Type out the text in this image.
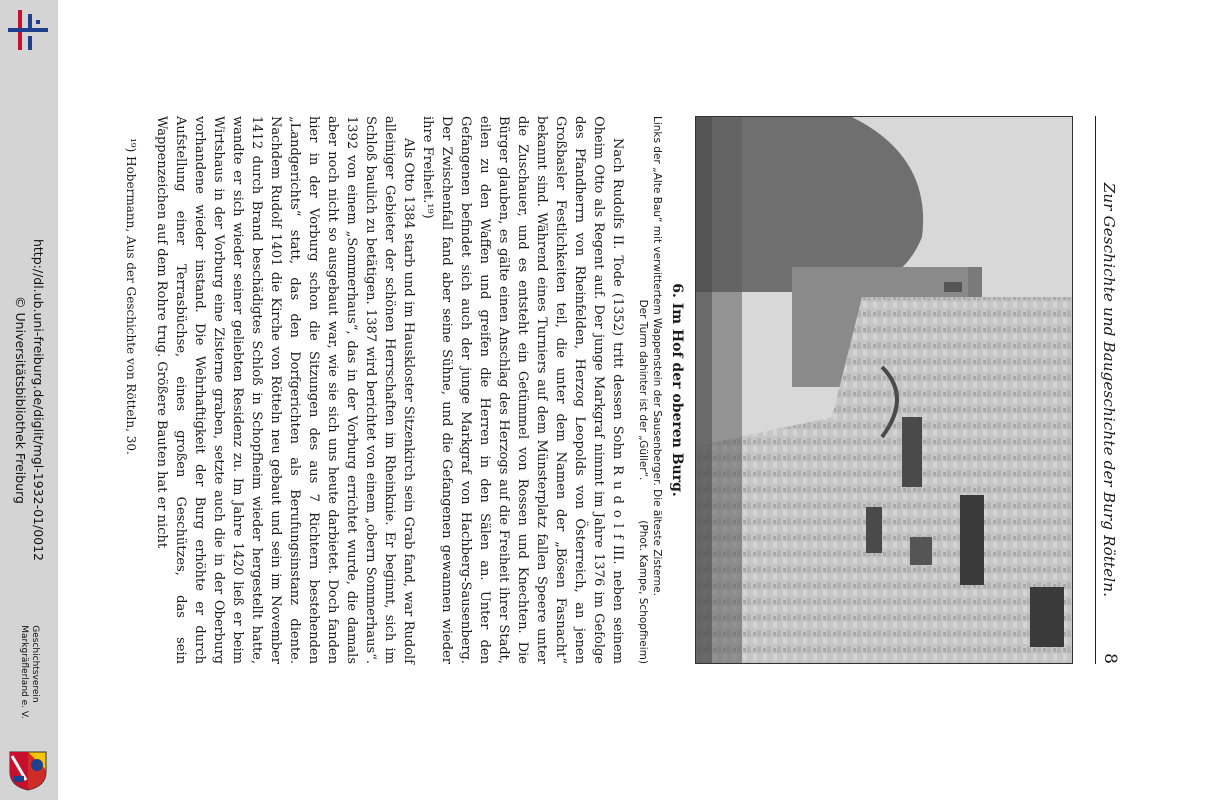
http://dl.ub.uni-freiburg.de/diglit/mgl-1932-01/0012
© Universitätsbibliothek Freiburg
Geschichtsverein
Markgräflerland e. V.
Zur Geschichte und Baugeschichte der Burg Rötteln.
8
6. Im Hof der oberen Burg.
Links der „Alte Bau“ mit verwittertem Wappenstein der Sausenberger. Die älteste Zisterne.
Der Turm dahinter ist der „Güller“.
(Phot. Kampe, Schopfheim)

Nach Rudolfs II. Tode (1352) tritt dessen Sohn R u d o l f III. neben seinem Oheim Otto als Regent auf. Der junge Markgraf nimmt im Jahre 1376 im Gefolge des Pfandherrn von Rheinfelden, Herzog Leopolds von Österreich, an jenen Großbasler Festlichkeiten teil, die unter dem Namen der „Bösen Fasnacht“ bekannt sind. Während eines Turniers auf dem Münsterplatz fallen Speere unter die Zuschauer, und es entsteht ein Getümmel von Rossen und Knechten. Die Bürger glauben, es gälte einen Anschlag des Herzogs auf die Freiheit ihrer Stadt, eilen zu den Waffen und greifen die Herren in den Sälen an. Unter den Gefangenen befindet sich auch der junge Markgraf von Hachberg-Sausenberg. Der Zwischenfall fand aber seine Sühne, und die Gefangenen gewannen wieder ihre Freiheit.¹⁹)

Als Otto 1384 starb und im Hauskloster Sitzenkirch sein Grab fand, war Rudolf alleiniger Gebieter der schönen Herrschaften im Rheinknie. Er beginnt, sich im Schloß baulich zu betätigen. 1387 wird berichtet von einem „obern Sommerhaus“. 1392 von einem „Sommerhaus“, das in der Vorburg errichtet wurde, die damals aber noch nicht so ausgebaut war, wie sie sich uns heute darbietet. Doch fanden hier in der Vorburg schon die Sitzungen des aus 7 Richtern bestehenden „Landgerichts“ statt, das den Dorfgerichten als Berufungsinstanz diente. Nachdem Rudolf 1401 die Kirche von Rötteln neu gebaut und sein im November 1412 durch Brand beschädigtes Schloß in Schopfheim wieder hergestellt hatte, wandte er sich wieder seiner geliebten Residenz zu. Im Jahre 1420 ließ er beim Wirtshaus in der Vorburg eine Zisterne graben, setzte auch die in der Oberburg vorhandene wieder instand. Die Wehrhaftigkeit der Burg erhöhte er durch Aufstellung einer Terrasbüchse, eines großen Geschützes, das sein Wappenzeichen auf dem Rohre trug. Größere Bauten hat er nicht

¹⁹) Hobermann, Aus der Geschichte von Rötteln, 30.
